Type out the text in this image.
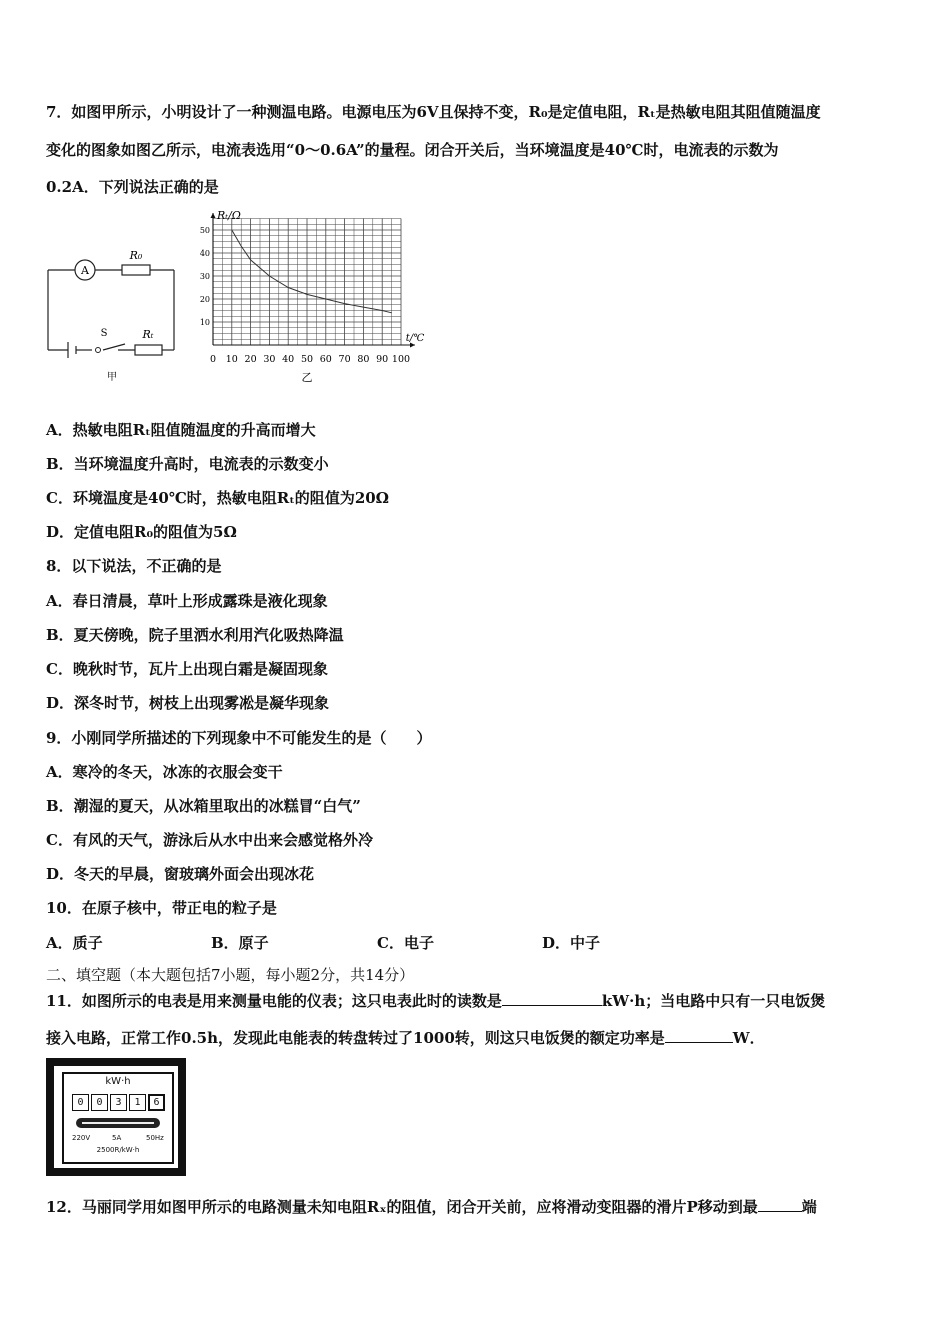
7．如图甲所示，小明设计了一种测温电路。电源电压为6V且保持不变，R₀是定值电阻，Rₜ是热敏电阻其阻值随温度
变化的图象如图乙所示，电流表选用“0～0.6A”的量程。闭合开关后，当环境温度是40℃时，电流表的示数为
0.2A．下列说法正确的是
A
R₀
Rₜ
S
甲
0 10 20 30 40 50 60 70 80 90 100
10
20
30
40
50
Rₜ/Ω
t/℃
乙
A．热敏电阻Rₜ阻值随温度的升高而增大
B．当环境温度升高时，电流表的示数变小
C．环境温度是40℃时，热敏电阻Rₜ的阻值为20Ω
D．定值电阻R₀的阻值为5Ω
8．以下说法，不正确的是
A．春日清晨，草叶上形成露珠是液化现象
B．夏天傍晚，院子里洒水利用汽化吸热降温
C．晚秋时节，瓦片上出现白霜是凝固现象
D．深冬时节，树枝上出现雾凇是凝华现象
9．小刚同学所描述的下列现象中不可能发生的是（　　）
A．寒冷的冬天，冰冻的衣服会变干
B．潮湿的夏天，从冰箱里取出的冰糕冒“白气”
C．有风的天气，游泳后从水中出来会感觉格外冷
D．冬天的早晨，窗玻璃外面会出现冰花
10．在原子核中，带正电的粒子是
A．质子	B．原子	C．电子	D．中子
二、填空题（本大题包括7小题，每小题2分，共14分）
11．如图所示的电表是用来测量电能的仪表；这只电表此时的读数是	kW·h；当电路中只有一只电饭煲
接入电路，正常工作0.5h，发现此电能表的转盘转过了1000转，则这只电饭煲的额定功率是	W．
kW·h
0	0	3	1	6
220V	5A	50Hz
2500R/kW·h
12．马丽同学用如图甲所示的电路测量未知电阻Rₓ的阻值，闭合开关前，应将滑动变阻器的滑片P移动到最	端
